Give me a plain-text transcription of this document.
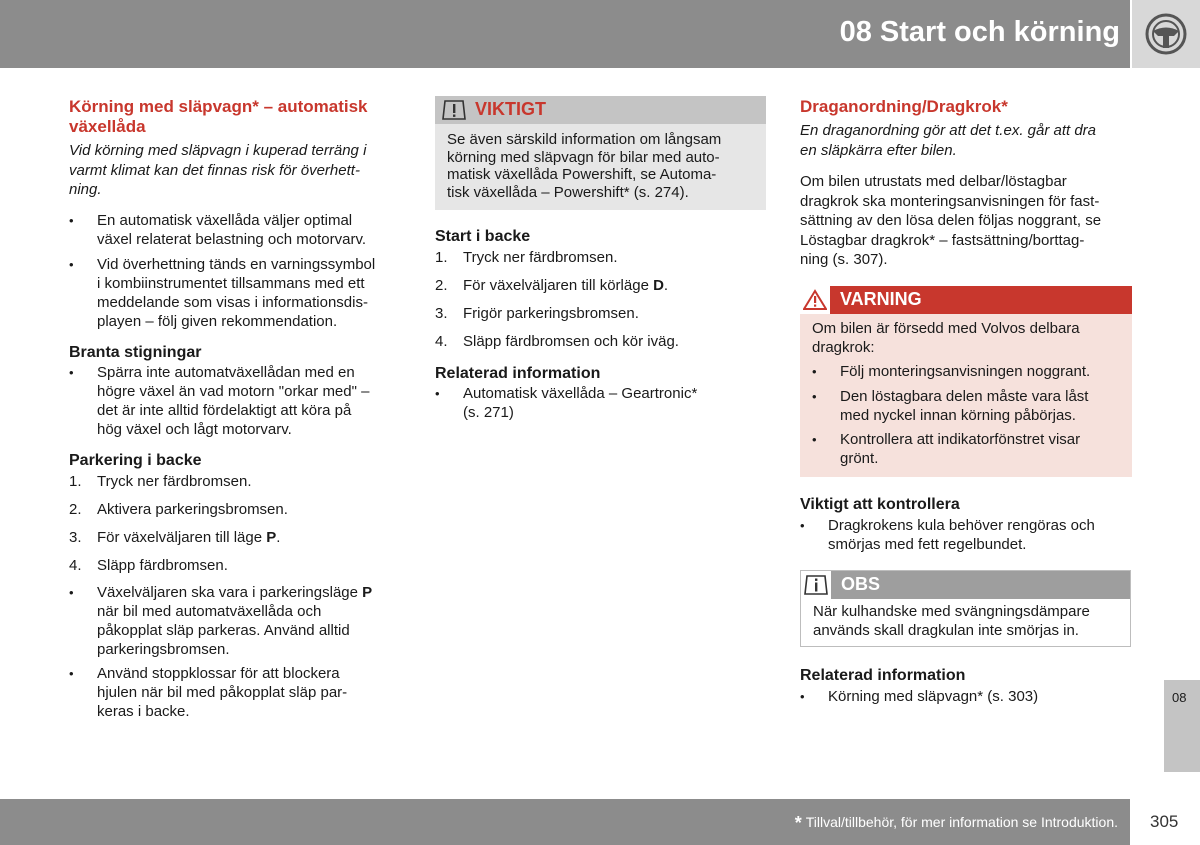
08 Start och körning
Körning med släpvagn* – automatisk
växellåda
Vid körning med släpvagn i kuperad terräng i
varmt klimat kan det finnas risk för överhett-
ning.
• En automatisk växellåda väljer optimal
växel relaterat belastning och motorvarv.
• Vid överhettning tänds en varningssymbol
i kombiinstrumentet tillsammans med ett
meddelande som visas i informationsdis-
playen – följ given rekommendation.
Branta stigningar
• Spärra inte automatväxellådan med en
högre växel än vad motorn "orkar med" –
det är inte alltid fördelaktigt att köra på
hög växel och lågt motorvarv.
Parkering i backe
1. Tryck ner färdbromsen.
2. Aktivera parkeringsbromsen.
3. För växelväljaren till läge P.
4. Släpp färdbromsen.
• Växelväljaren ska vara i parkeringsläge P
när bil med automatväxellåda och
påkopplat släp parkeras. Använd alltid
parkeringsbromsen.
• Använd stoppklossar för att blockera
hjulen när bil med påkopplat släp par-
keras i backe.
VIKTIGT
Se även särskild information om långsam
körning med släpvagn för bilar med auto-
matisk växellåda Powershift, se Automa-
tisk växellåda – Powershift* (s. 274).
Start i backe
1. Tryck ner färdbromsen.
2. För växelväljaren till körläge D.
3. Frigör parkeringsbromsen.
4. Släpp färdbromsen och kör iväg.
Relaterad information
• Automatisk växellåda – Geartronic*
(s. 271)
Draganordning/Dragkrok*
En draganordning gör att det t.ex. går att dra
en släpkärra efter bilen.
Om bilen utrustats med delbar/löstagbar
dragkrok ska monteringsanvisningen för fast-
sättning av den lösa delen följas noggrant, se
Löstagbar dragkrok* – fastsättning/borttag-
ning (s. 307).
VARNING
Om bilen är försedd med Volvos delbara
dragkrok:
• Följ monteringsanvisningen noggrant.
• Den löstagbara delen måste vara låst
med nyckel innan körning påbörjas.
• Kontrollera att indikatorfönstret visar
grönt.
Viktigt att kontrollera
• Dragkrokens kula behöver rengöras och
smörjas med fett regelbundet.
OBS
När kulhandske med svängningsdämpare
används skall dragkulan inte smörjas in.
Relaterad information
• Körning med släpvagn* (s. 303)	08
* Tillval/tillbehör, för mer information se Introduktion. 305
